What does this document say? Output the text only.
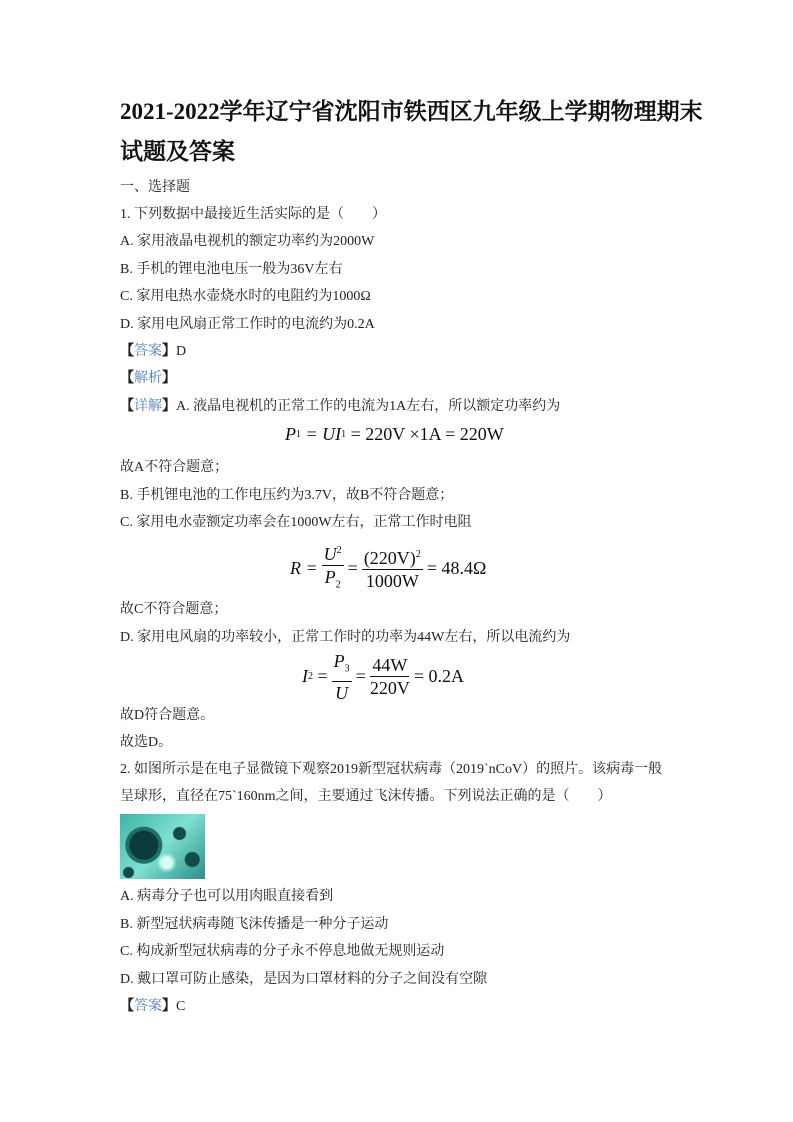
2021-2022学年辽宁省沈阳市铁西区九年级上学期物理期末
试题及答案
一、选择题
1. 下列数据中最接近生活实际的是（　　）
A. 家用液晶电视机的额定功率约为2000W
B. 手机的锂电池电压一般为36V左右
C. 家用电热水壶烧水时的电阻约为1000Ω
D. 家用电风扇正常工作时的电流约为0.2A
【答案】D
【解析】
【详解】A. 液晶电视机的正常工作的电流为1A左右，所以额定功率约为
P 1
= UI 1
= 220V ×1A = 220W
故A不符合题意；
B. 手机锂电池的工作电压约为3.7V，故B不符合题意；
C. 家用电水壶额定功率会在1000W左右，正常工作时电阻
$R = \frac{U^2}{P_2} = \frac{(220V)^2}{1000W} = 48.4\Omega$
故C不符合题意；
D. 家用电风扇的功率较小，正常工作时的功率为44W左右，所以电流约为
I 2
= $\frac{P_3}{U} = \frac{44W}{220V} = 0.2A$
故D符合题意。
故选D。
2. 如图所示是在电子显微镜下观察2019新型冠状病毒（2019`nCoV）的照片。该病毒一般
呈球形，直径在75`160nm之间，主要通过飞沫传播。下列说法正确的是（　　）
A. 病毒分子也可以用肉眼直接看到
B. 新型冠状病毒随飞沫传播是一种分子运动
C. 构成新型冠状病毒的分子永不停息地做无规则运动
D. 戴口罩可防止感染，是因为口罩材料的分子之间没有空隙
【答案】C
